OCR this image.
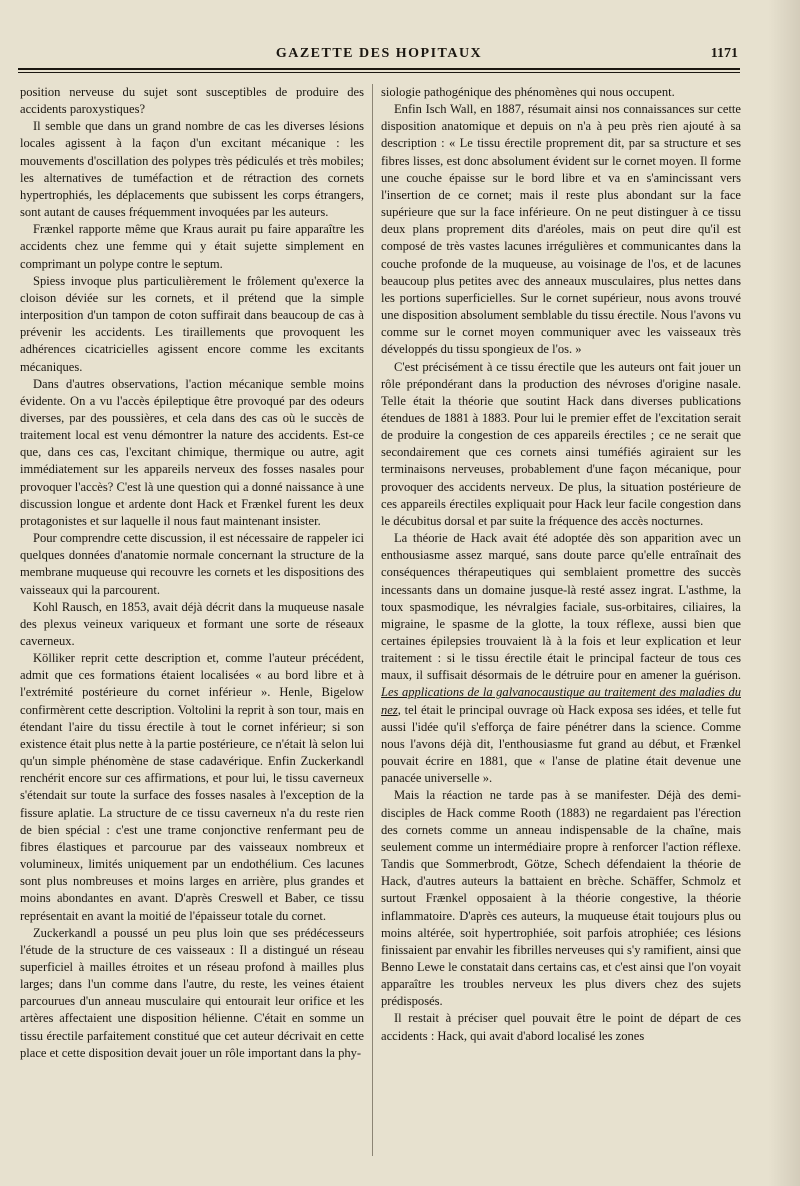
GAZETTE DES HOPITAUX	1171

position nerveuse du sujet sont susceptibles de produire des accidents paroxystiques?

Il semble que dans un grand nombre de cas les diverses lésions locales agissent à la façon d'un excitant mécanique : les mouvements d'oscillation des polypes très pédiculés et très mobiles; les alternatives de tuméfaction et de rétraction des cornets hypertrophiés, les déplacements que subissent les corps étrangers, sont autant de causes fréquemment invoquées par les auteurs.

Frænkel rapporte même que Kraus aurait pu faire apparaître les accidents chez une femme qui y était sujette simplement en comprimant un polype contre le septum.

Spiess invoque plus particulièrement le frôlement qu'exerce la cloison déviée sur les cornets, et il prétend que la simple interposition d'un tampon de coton suffirait dans beaucoup de cas à prévenir les accidents. Les tiraillements que provoquent les adhérences cicatricielles agissent encore comme les excitants mécaniques.

Dans d'autres observations, l'action mécanique semble moins évidente. On a vu l'accès épileptique être provoqué par des odeurs diverses, par des poussières, et cela dans des cas où le succès de traitement local est venu démontrer la nature des accidents. Est-ce que, dans ces cas, l'excitant chimique, thermique ou autre, agit immédiatement sur les appareils nerveux des fosses nasales pour provoquer l'accès? C'est là une question qui a donné naissance à une discussion longue et ardente dont Hack et Frænkel furent les deux protagonistes et sur laquelle il nous faut maintenant insister.

Pour comprendre cette discussion, il est nécessaire de rappeler ici quelques données d'anatomie normale concernant la structure de la membrane muqueuse qui recouvre les cornets et les dispositions des vaisseaux qui la parcourent.

Kohl Rausch, en 1853, avait déjà décrit dans la muqueuse nasale des plexus veineux variqueux et formant une sorte de réseaux caverneux.

Kölliker reprit cette description et, comme l'auteur précédent, admit que ces formations étaient localisées « au bord libre et à l'extrémité postérieure du cornet inférieur ». Henle, Bigelow confirmèrent cette description. Voltolini la reprit à son tour, mais en étendant l'aire du tissu érectile à tout le cornet inférieur; si son existence était plus nette à la partie postérieure, ce n'était là selon lui qu'un simple phénomène de stase cadavérique. Enfin Zuckerkandl renchérit encore sur ces affirmations, et pour lui, le tissu caverneux s'étendait sur toute la surface des fosses nasales à l'exception de la fissure aplatie. La structure de ce tissu caverneux n'a du reste rien de bien spécial : c'est une trame conjonctive renfermant peu de fibres élastiques et parcourue par des vaisseaux nombreux et volumineux, limités uniquement par un endothélium. Ces lacunes sont plus nombreuses et moins larges en arrière, plus grandes et moins abondantes en avant. D'après Creswell et Baber, ce tissu représentait en avant la moitié de l'épaisseur totale du cornet.

Zuckerkandl a poussé un peu plus loin que ses prédécesseurs l'étude de la structure de ces vaisseaux : Il a distingué un réseau superficiel à mailles étroites et un réseau profond à mailles plus larges; dans l'un comme dans l'autre, du reste, les veines étaient parcourues d'un anneau musculaire qui entourait leur orifice et les artères affectaient une disposition hélienne. C'était en somme un tissu érectile parfaitement constitué que cet auteur décrivait en cette place et cette disposition devait jouer un rôle important dans la phy-

siologie pathogénique des phénomènes qui nous occupent.

Enfin Isch Wall, en 1887, résumait ainsi nos connaissances sur cette disposition anatomique et depuis on n'a à peu près rien ajouté à sa description : « Le tissu érectile proprement dit, par sa structure et ses fibres lisses, est donc absolument évident sur le cornet moyen. Il forme une couche épaisse sur le bord libre et va en s'amincissant vers l'insertion de ce cornet; mais il reste plus abondant sur la face supérieure que sur la face inférieure. On ne peut distinguer à ce tissu deux plans proprement dits d'aréoles, mais on peut dire qu'il est composé de très vastes lacunes irrégulières et communicantes dans la couche profonde de la muqueuse, au voisinage de l'os, et de lacunes beaucoup plus petites avec des anneaux musculaires, plus nettes dans les portions superficielles. Sur le cornet supérieur, nous avons trouvé une disposition absolument semblable du tissu érectile. Nous l'avons vu comme sur le cornet moyen communiquer avec les vaisseaux très développés du tissu spongieux de l'os. »

C'est précisément à ce tissu érectile que les auteurs ont fait jouer un rôle prépondérant dans la production des névroses d'origine nasale. Telle était la théorie que soutint Hack dans diverses publications étendues de 1881 à 1883. Pour lui le premier effet de l'excitation serait de produire la congestion de ces appareils érectiles ; ce ne serait que secondairement que ces cornets ainsi tuméfiés agiraient sur les terminaisons nerveuses, probablement d'une façon mécanique, pour provoquer des accidents nerveux. De plus, la situation postérieure de ces appareils érectiles expliquait pour Hack leur facile congestion dans le décubitus dorsal et par suite la fréquence des accès nocturnes.

La théorie de Hack avait été adoptée dès son apparition avec un enthousiasme assez marqué, sans doute parce qu'elle entraînait des conséquences thérapeutiques qui semblaient promettre des succès incessants dans un domaine jusque-là resté assez ingrat. L'asthme, la toux spasmodique, les névralgies faciale, sus-orbitaires, ciliaires, la migraine, le spasme de la glotte, la toux réflexe, aussi bien que certaines épilepsies trouvaient là à la fois et leur explication et leur traitement : si le tissu érectile était le principal facteur de tous ces maux, il suffisait désormais de le détruire pour en amener la guérison. Les applications de la galvanocaustique au traitement des maladies du nez, tel était le principal ouvrage où Hack exposa ses idées, et telle fut aussi l'idée qu'il s'efforça de faire pénétrer dans la science. Comme nous l'avons déjà dit, l'enthousiasme fut grand au début, et Frænkel pouvait écrire en 1881, que « l'anse de platine était devenue une panacée universelle ».

Mais la réaction ne tarde pas à se manifester. Déjà des demi-disciples de Hack comme Rooth (1883) ne regardaient pas l'érection des cornets comme un anneau indispensable de la chaîne, mais seulement comme un intermédiaire propre à renforcer l'action réflexe. Tandis que Sommerbrodt, Götze, Schech défendaient la théorie de Hack, d'autres auteurs la battaient en brèche. Schäffer, Schmolz et surtout Frænkel opposaient à la théorie congestive, la théorie inflammatoire. D'après ces auteurs, la muqueuse était toujours plus ou moins altérée, soit hypertrophiée, soit parfois atrophiée; ces lésions finissaient par envahir les fibrilles nerveuses qui s'y ramifient, ainsi que Benno Lewe le constatait dans certains cas, et c'est ainsi que l'on voyait apparaître les troubles nerveux les plus divers chez des sujets prédisposés.

Il restait à préciser quel pouvait être le point de départ de ces accidents : Hack, qui avait d'abord localisé les zones
